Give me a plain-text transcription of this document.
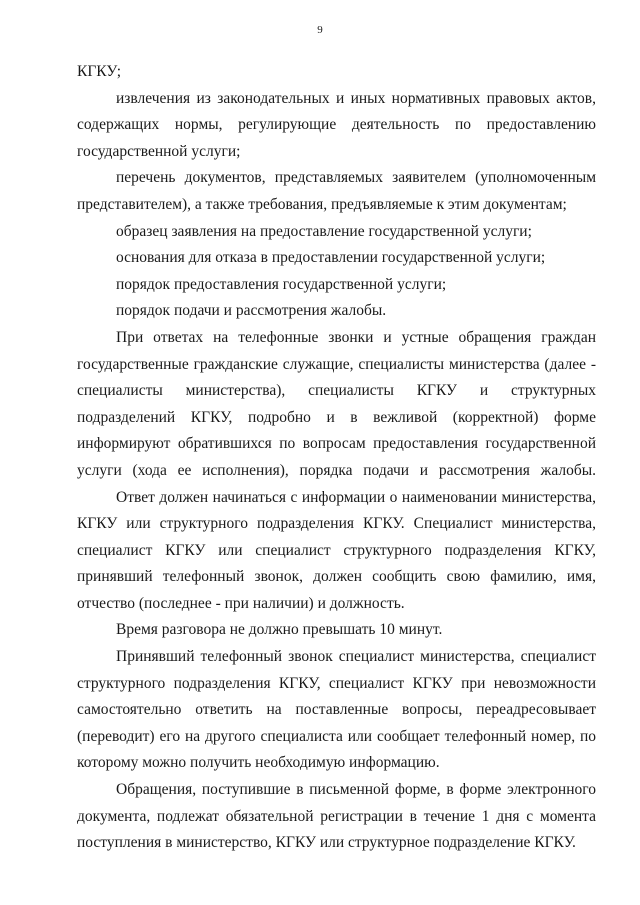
9

КГКУ;

извлечения из законодательных и иных нормативных правовых актов, содержащих нормы, регулирующие деятельность по предоставлению государственной услуги;

перечень документов, представляемых заявителем (уполномоченным представителем), а также требования, предъявляемые к этим документам;

образец заявления на предоставление государственной услуги;

основания для отказа в предоставлении государственной услуги;

порядок предоставления государственной услуги;

порядок подачи и рассмотрения жалобы.

При ответах на телефонные звонки и устные обращения граждан государственные гражданские служащие, специалисты министерства (далее - специалисты министерства), специалисты КГКУ и структурных подразделений КГКУ, подробно и в вежливой (корректной) форме информируют обратившихся по вопросам предоставления государственной услуги (хода ее исполнения), порядка подачи и рассмотрения жалобы.

Ответ должен начинаться с информации о наименовании министерства, КГКУ или структурного подразделения КГКУ. Специалист министерства, специалист КГКУ или специалист структурного подразделения КГКУ, принявший телефонный звонок, должен сообщить свою фамилию, имя, отчество (последнее - при наличии) и должность.

Время разговора не должно превышать 10 минут.

Принявший телефонный звонок специалист министерства, специалист структурного подразделения КГКУ, специалист КГКУ при невозможности самостоятельно ответить на поставленные вопросы, переадресовывает (переводит) его на другого специалиста или сообщает телефонный номер, по которому можно получить необходимую информацию.

Обращения, поступившие в письменной форме, в форме электронного документа, подлежат обязательной регистрации в течение 1 дня с момента поступления в министерство, КГКУ или структурное подразделение КГКУ.
